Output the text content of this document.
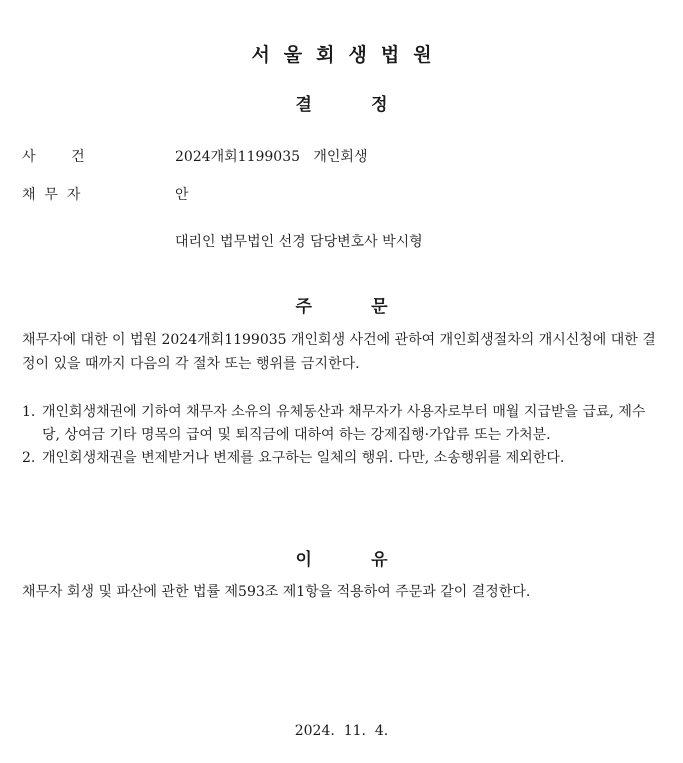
서울회생법원
결          정
사        건	2024개회1199035   개인회생
채  무  자	안
대리인 법무법인 선경 담당변호사 박시형
주          문
채무자에 대한 이 법원 2024개회1199035 개인회생 사건에 관하여 개인회생절차의 개시신청에 대한 결정이 있을 때까지 다음의 각 절차 또는 행위를 금지한다.
1. 개인회생채권에 기하여 채무자 소유의 유체동산과 채무자가 사용자로부터 매월 지급받을 급료, 제수당, 상여금 기타 명목의 급여 및 퇴직금에 대하여 하는 강제집행·가압류 또는 가처분.
2. 개인회생채권을 변제받거나 변제를 요구하는 일체의 행위. 다만, 소송행위를 제외한다.
이          유
채무자 회생 및 파산에 관한 법률 제593조 제1항을 적용하여 주문과 같이 결정한다.
2024.  11.  4.
